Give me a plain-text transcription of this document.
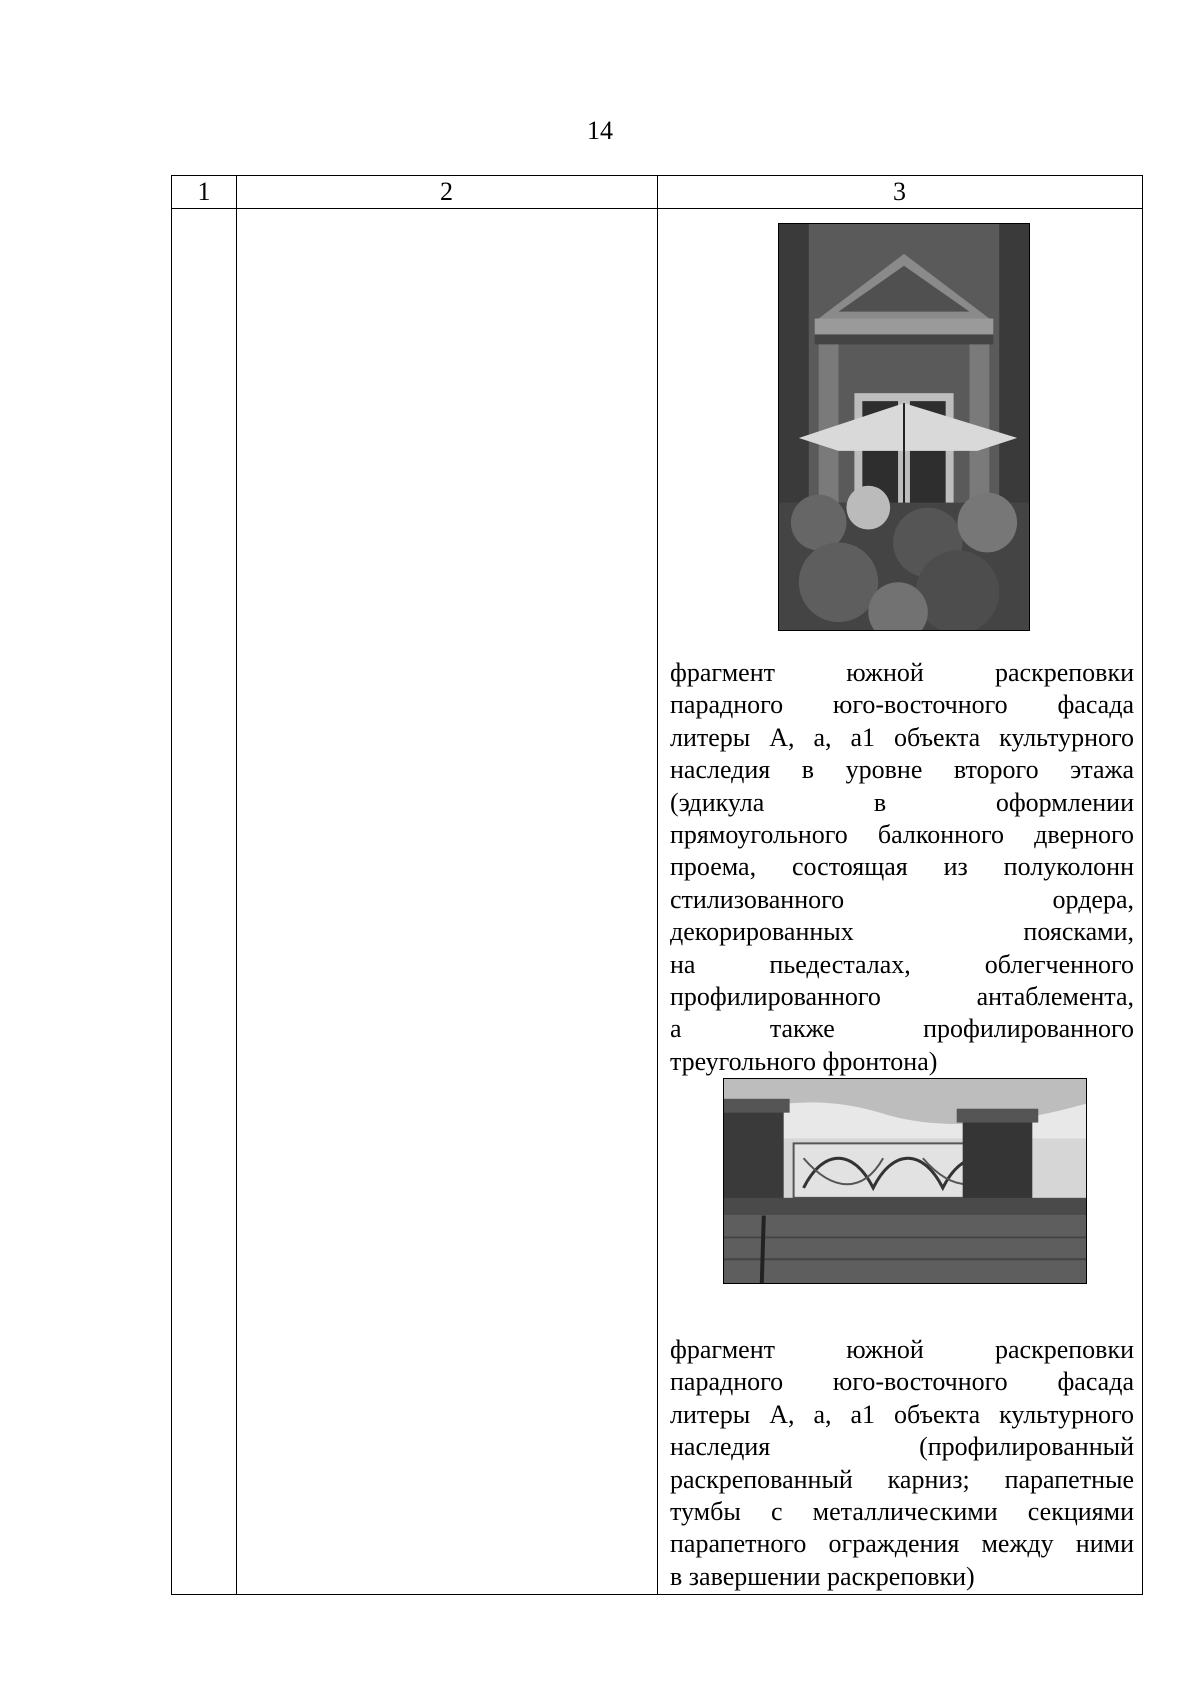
14
1	2	3
фрагмент южной раскреповки
парадного юго-восточного фасада
литеры А, а, а1 объекта культурного
наследия в уровне второго этажа
(эдикула в оформлении
прямоугольного балконного дверного
проема, состоящая из полуколонн
стилизованного ордера,
декорированных поясками,
на пьедесталах, облегченного
профилированного антаблемента,
а также профилированного
треугольного фронтона)
фрагмент южной раскреповки
парадного юго-восточного фасада
литеры А, а, а1 объекта культурного
наследия (профилированный
раскрепованный карниз; парапетные
тумбы с металлическими секциями
парапетного ограждения между ними
в завершении раскреповки)
